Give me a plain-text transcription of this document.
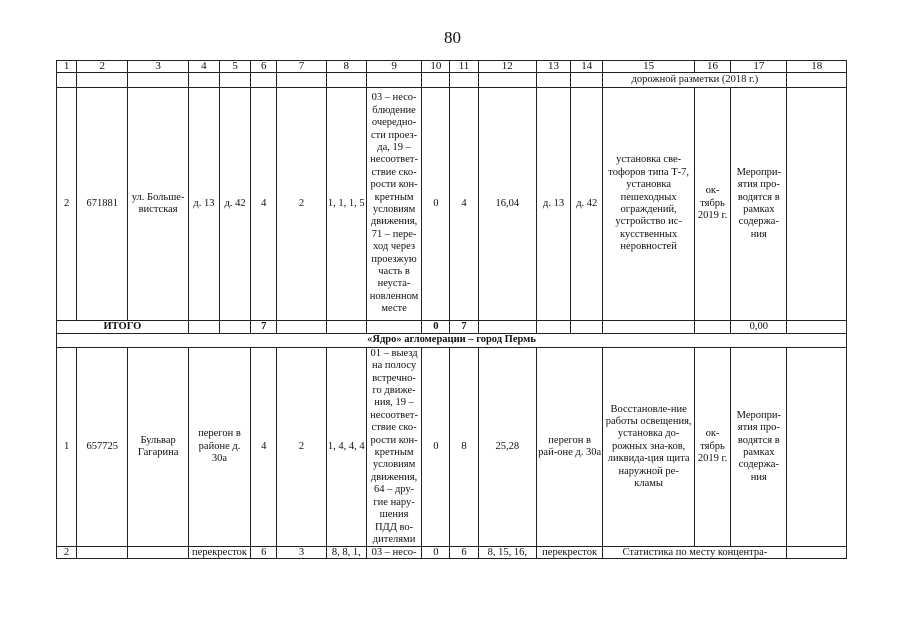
80
1	2	3	4	5	6	7	8	9	10	11	12	13	14	15	16	17	18
														дорожной разметки (2018 г.)			
2	671881	ул. Больше-вистская	д. 13	д. 42	4	2	1, 1, 1, 5	03 – несо-блюдение очередно-сти проез-да, 19 – несоответ-ствие ско-рости кон-кретным условиям движения, 71 – пере-ход через проезжую часть в неуста-новленном месте	0	4	16,04	д. 13	д. 42	установка све-тофоров типа Т-7, установка пешеходных ограждений, устройство ис-кусственных неровностей	ок-тябрь 2019 г.	Меропри-ятия про-водятся в рамках содержа-ния	
ИТОГО					7				0	7						0,00	
«Ядро» агломерации – город Пермь																	
1	657725	Бульвар Гагарина	перегон в районе д. 30а		4	2	1, 4, 4, 4	01 – выезд на полосу встречно-го движе-ния, 19 – несоответ-ствие ско-рости кон-кретным условиям движения, 64 – дру-гие нару-шения ПДД во-дителями	0	8	25,28	перегон в рай-оне д. 30а		Восстановле-ние работы освещения, установка до-рожных зна-ков, ликвида-ция щита наружной ре-кламы	ок-тябрь 2019 г.	Меропри-ятия про-водятся в рамках содержа-ния	
2			перекресток		6	3	8, 8, 1,	03 – несо-	0	6	8, 15, 16,	перекресток		Статистика по месту концентра-			
